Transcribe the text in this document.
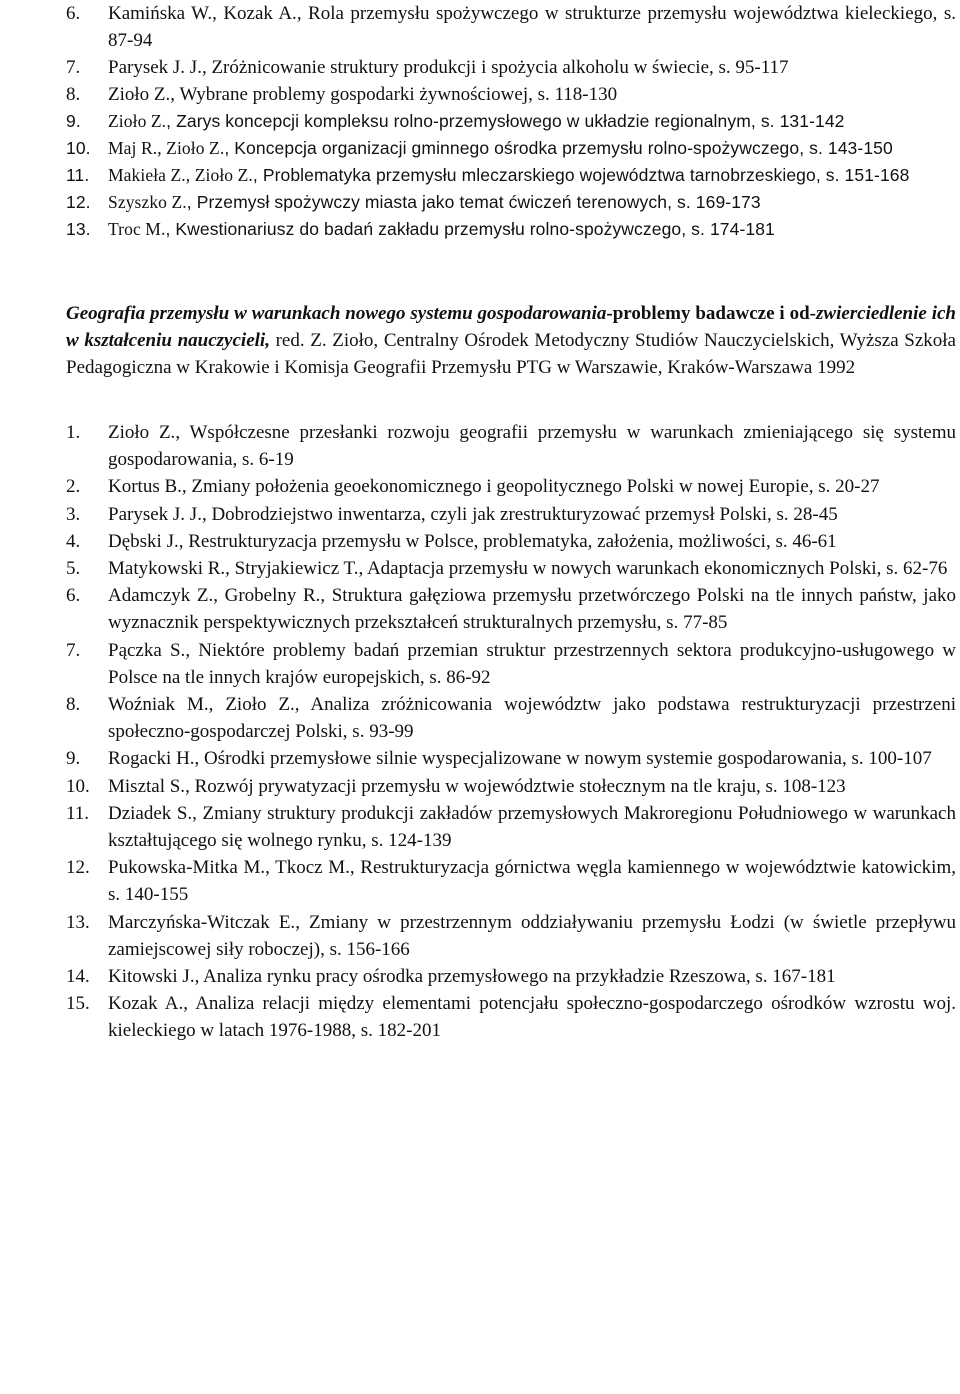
6. Kamińska W., Kozak A., Rola przemysłu spożywczego w strukturze przemysłu województwa kieleckiego, s. 87-94
7. Parysek J. J., Zróżnicowanie struktury produkcji i spożycia alkoholu w świecie, s. 95-117
8. Zioło Z., Wybrane problemy gospodarki żywnościowej, s. 118-130
9. Zioło Z., Zarys koncepcji kompleksu rolno-przemysłowego w układzie regionalnym, s. 131-142
10. Maj R., Zioło Z., Koncepcja organizacji gminnego ośrodka przemysłu rolno-spożywczego, s. 143-150
11. Makieła Z., Zioło Z., Problematyka przemysłu mleczarskiego województwa tarnobrzeskiego, s. 151-168
12. Szyszko Z., Przemysł spożywczy miasta jako temat ćwiczeń terenowych, s. 169-173
13. Troc M., Kwestionariusz do badań zakładu przemysłu rolno-spożywczego, s. 174-181
Geografia przemysłu w warunkach nowego systemu gospodarowania-problemy badawcze i od-zwierciedlenie ich w kształceniu nauczycieli, red. Z. Zioło, Centralny Ośrodek Metodyczny Studiów Nauczycielskich, Wyższa Szkoła Pedagogiczna w Krakowie i Komisja Geografii Przemysłu PTG w Warszawie, Kraków-Warszawa 1992
1. Zioło Z., Współczesne przesłanki rozwoju geografii przemysłu w warunkach zmieniającego się systemu gospodarowania, s. 6-19
2. Kortus B., Zmiany położenia geoekonomicznego i geopolitycznego Polski w nowej Europie, s. 20-27
3. Parysek J. J., Dobrodziejstwo inwentarza, czyli jak zrestrukturyzować przemysł Polski, s. 28-45
4. Dębski J., Restrukturyzacja przemysłu w Polsce, problematyka, założenia, możliwości, s. 46-61
5. Matykowski R., Stryjakiewicz T., Adaptacja przemysłu w nowych warunkach ekonomicznych Polski, s. 62-76
6. Adamczyk Z., Grobelny R., Struktura gałęziowa przemysłu przetwórczego Polski na tle innych państw, jako wyznacznik perspektywicznych przekształceń strukturalnych przemysłu, s. 77-85
7. Pączka S., Niektóre problemy badań przemian struktur przestrzennych sektora produkcyjno-usługowego w Polsce na tle innych krajów europejskich, s. 86-92
8. Woźniak M., Zioło Z., Analiza zróżnicowania województw jako podstawa restrukturyzacji przestrzeni społeczno-gospodarczej Polski, s. 93-99
9. Rogacki H., Ośrodki przemysłowe silnie wyspecjalizowane w nowym systemie gospodarowania, s. 100-107
10. Misztal S., Rozwój prywatyzacji przemysłu w województwie stołecznym na tle kraju, s. 108-123
11. Dziadek S., Zmiany struktury produkcji zakładów przemysłowych Makroregionu Południowego w warunkach kształtującego się wolnego rynku, s. 124-139
12. Pukowska-Mitka M., Tkocz M., Restrukturyzacja górnictwa węgla kamiennego w województwie katowickim, s. 140-155
13. Marczyńska-Witczak E., Zmiany w przestrzennym oddziaływaniu przemysłu Łodzi (w świetle przepływu zamiejscowej siły roboczej), s. 156-166
14. Kitowski J., Analiza rynku pracy ośrodka przemysłowego na przykładzie Rzeszowa, s. 167-181
15. Kozak A., Analiza relacji między elementami potencjału społeczno-gospodarczego ośrodków wzrostu woj. kieleckiego w latach 1976-1988, s. 182-201
